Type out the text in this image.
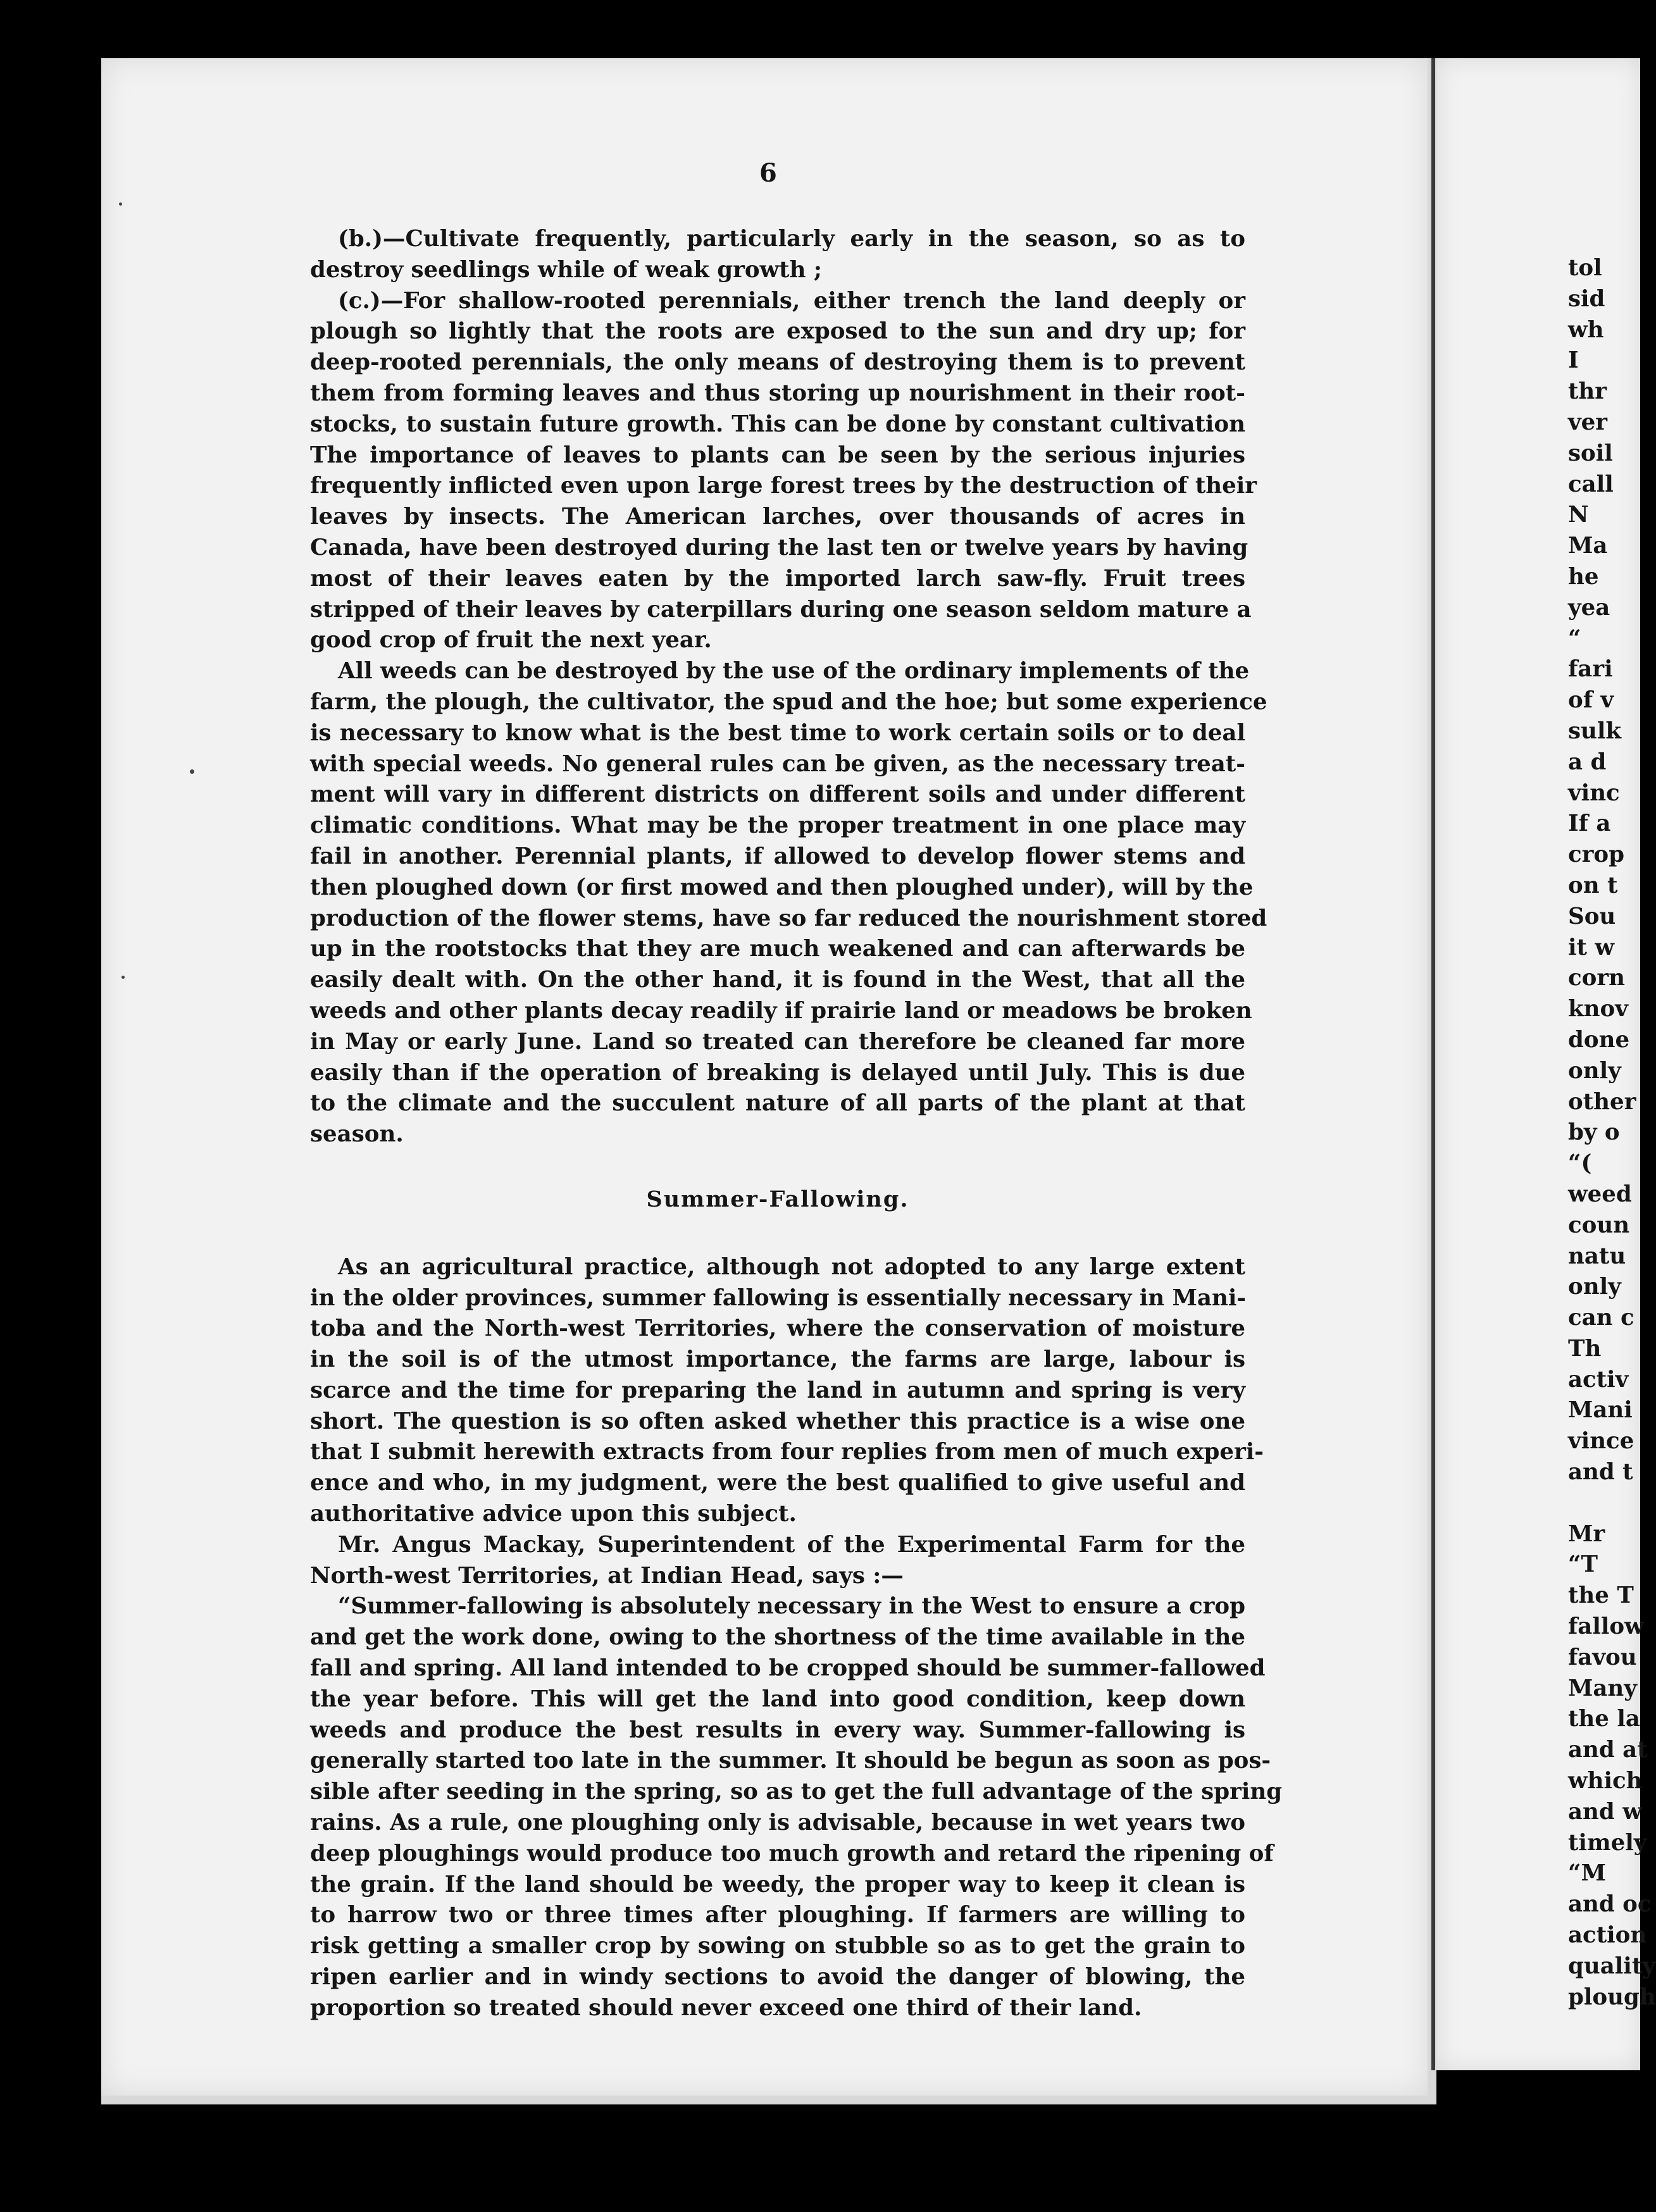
6
(b.)—Cultivate frequently, particularly early in the season, so as to
destroy seedlings while of weak growth ;
(c.)—For shallow-rooted perennials, either trench the land deeply or
plough so lightly that the roots are exposed to the sun and dry up; for
deep-rooted perennials, the only means of destroying them is to prevent
them from forming leaves and thus storing up nourishment in their root-
stocks, to sustain future growth. This can be done by constant cultivation
The importance of leaves to plants can be seen by the serious injuries
frequently inflicted even upon large forest trees by the destruction of their
leaves by insects. The American larches, over thousands of acres in
Canada, have been destroyed during the last ten or twelve years by having
most of their leaves eaten by the imported larch saw-fly. Fruit trees
stripped of their leaves by caterpillars during one season seldom mature a
good crop of fruit the next year.
All weeds can be destroyed by the use of the ordinary implements of the
farm, the plough, the cultivator, the spud and the hoe; but some experience
is necessary to know what is the best time to work certain soils or to deal
with special weeds. No general rules can be given, as the necessary treat-
ment will vary in different districts on different soils and under different
climatic conditions. What may be the proper treatment in one place may
fail in another. Perennial plants, if allowed to develop flower stems and
then ploughed down (or first mowed and then ploughed under), will by the
production of the flower stems, have so far reduced the nourishment stored
up in the rootstocks that they are much weakened and can afterwards be
easily dealt with. On the other hand, it is found in the West, that all the
weeds and other plants decay readily if prairie land or meadows be broken
in May or early June. Land so treated can therefore be cleaned far more
easily than if the operation of breaking is delayed until July. This is due
to the climate and the succulent nature of all parts of the plant at that
season.
Summer-Fallowing.
As an agricultural practice, although not adopted to any large extent
in the older provinces, summer fallowing is essentially necessary in Mani-
toba and the North-west Territories, where the conservation of moisture
in the soil is of the utmost importance, the farms are large, labour is
scarce and the time for preparing the land in autumn and spring is very
short. The question is so often asked whether this practice is a wise one
that I submit herewith extracts from four replies from men of much experi-
ence and who, in my judgment, were the best qualified to give useful and
authoritative advice upon this subject.
Mr. Angus Mackay, Superintendent of the Experimental Farm for the
North-west Territories, at Indian Head, says :—
“Summer-fallowing is absolutely necessary in the West to ensure a crop
and get the work done, owing to the shortness of the time available in the
fall and spring. All land intended to be cropped should be summer-fallowed
the year before. This will get the land into good condition, keep down
weeds and produce the best results in every way. Summer-fallowing is
generally started too late in the summer. It should be begun as soon as pos-
sible after seeding in the spring, so as to get the full advantage of the spring
rains. As a rule, one ploughing only is advisable, because in wet years two
deep ploughings would produce too much growth and retard the ripening of
the grain. If the land should be weedy, the proper way to keep it clean is
to harrow two or three times after ploughing. If farmers are willing to
risk getting a smaller crop by sowing on stubble so as to get the grain to
ripen earlier and in windy sections to avoid the danger of blowing, the
proportion so treated should never exceed one third of their land.
tol
sid
wh
I
thr
ver
soil
call
N
Ma
he
yea
“
fari
of v
sulk
a d
vinc
If a
crop
on t
Sou
it w
corn
knov
done
only
other
by o
“(
weed
coun
natu
only
can c
Th
activ
Mani
vince
and t

Mr
“T
the T
fallow
favou
Many
the la
and at
which
and w
timely
“M
and oc
action
quality
plough
